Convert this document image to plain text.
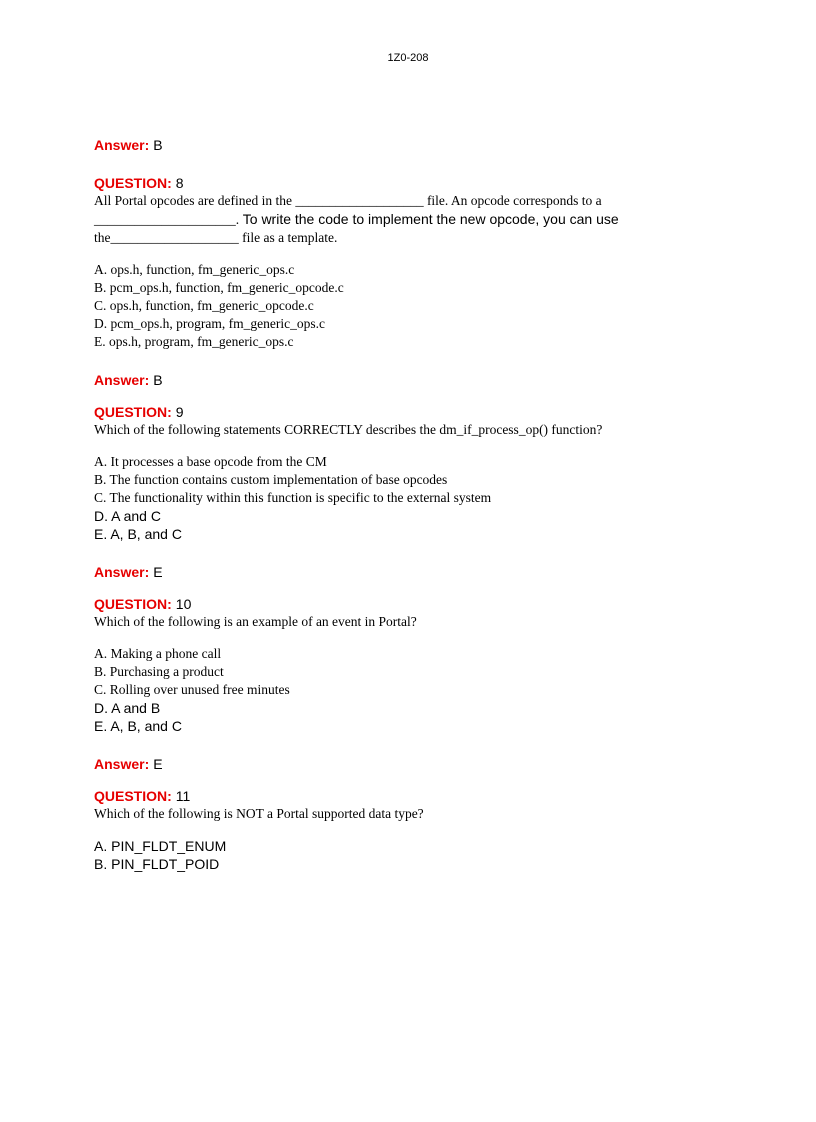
1Z0-208

Answer: B

QUESTION: 8

All Portal opcodes are defined in the ___________________ file. An opcode corresponds to a _____________________. To write the code to implement the new opcode, you can use
the___________________ file as a template.

A. ops.h, function, fm_generic_ops.c
B. pcm_ops.h, function, fm_generic_opcode.c
C. ops.h, function, fm_generic_opcode.c
D. pcm_ops.h, program, fm_generic_ops.c
E. ops.h, program, fm_generic_ops.c

Answer: B

QUESTION: 9

Which of the following statements CORRECTLY describes the dm_if_process_op() function?

A. It processes a base opcode from the CM
B. The function contains custom implementation of base opcodes
C. The functionality within this function is specific to the external system
D. A and C
E. A, B, and C

Answer: E

QUESTION: 10

Which of the following is an example of an event in Portal?

A. Making a phone call
B. Purchasing a product
C. Rolling over unused free minutes
D. A and B
E. A, B, and C

Answer: E

QUESTION: 11

Which of the following is NOT a Portal supported data type?

A. PIN_FLDT_ENUM
B. PIN_FLDT_POID
